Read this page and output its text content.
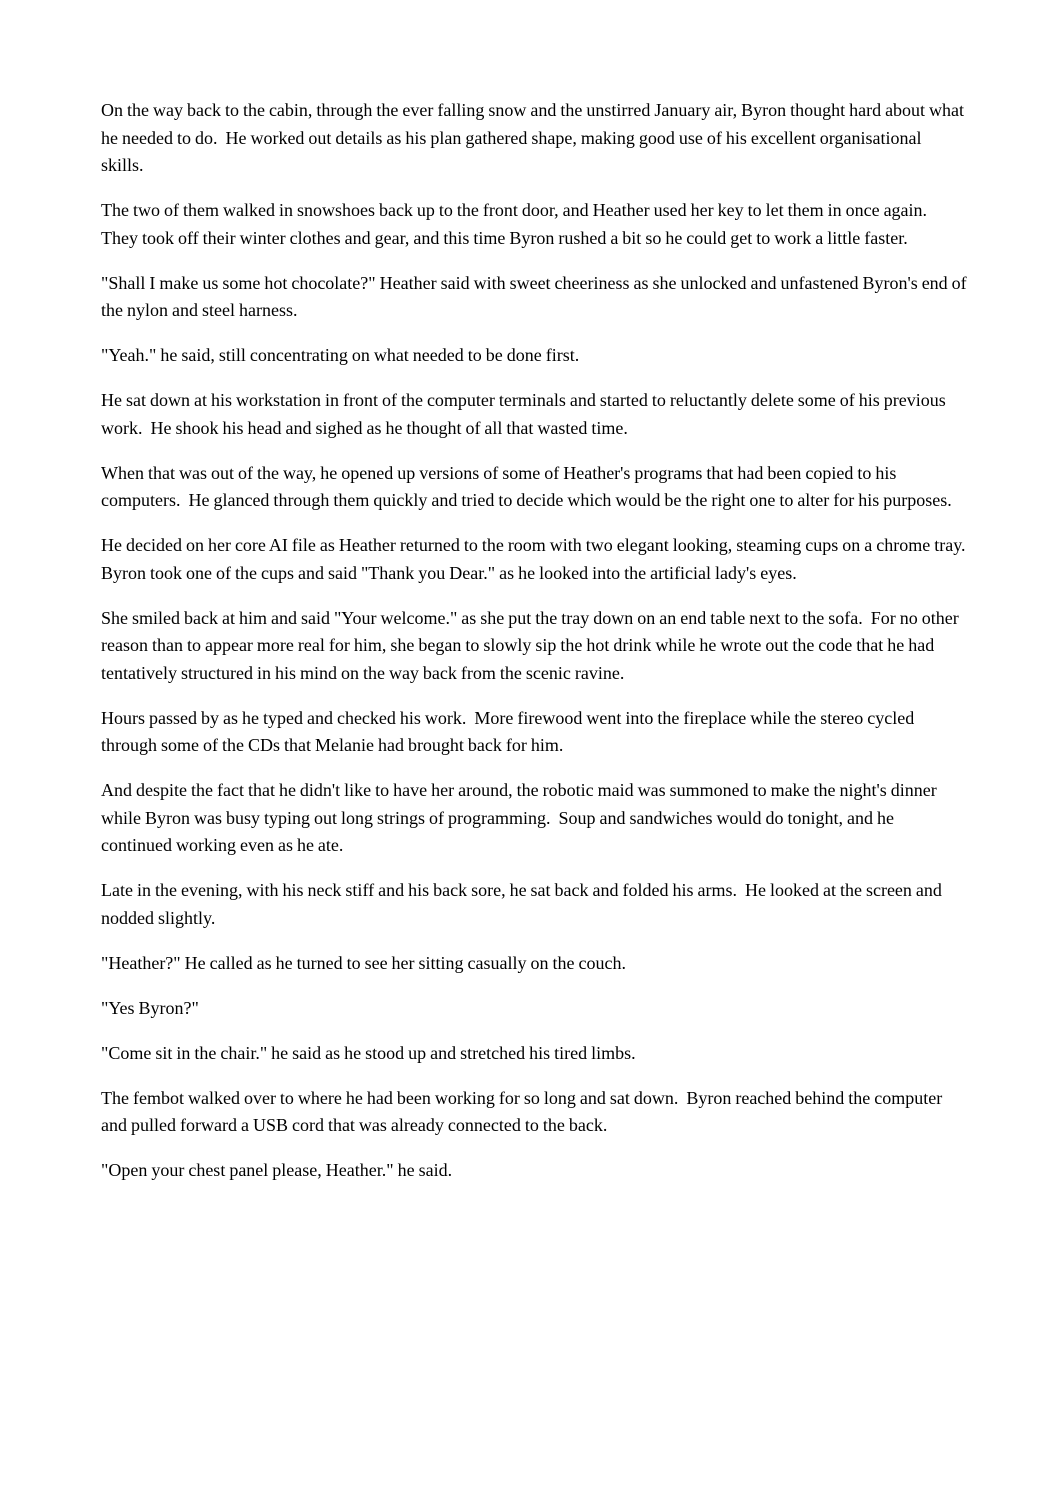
On the way back to the cabin, through the ever falling snow and the unstirred January air, Byron thought hard about what he needed to do.  He worked out details as his plan gathered shape, making good use of his excellent organisational skills.

The two of them walked in snowshoes back up to the front door, and Heather used her key to let them in once again.  They took off their winter clothes and gear, and this time Byron rushed a bit so he could get to work a little faster.

"Shall I make us some hot chocolate?" Heather said with sweet cheeriness as she unlocked and unfastened Byron's end of the nylon and steel harness.

"Yeah." he said, still concentrating on what needed to be done first.

He sat down at his workstation in front of the computer terminals and started to reluctantly delete some of his previous work.  He shook his head and sighed as he thought of all that wasted time.

When that was out of the way, he opened up versions of some of Heather's programs that had been copied to his computers.  He glanced through them quickly and tried to decide which would be the right one to alter for his purposes.

He decided on her core AI file as Heather returned to the room with two elegant looking, steaming cups on a chrome tray.  Byron took one of the cups and said "Thank you Dear." as he looked into the artificial lady's eyes.

She smiled back at him and said "Your welcome." as she put the tray down on an end table next to the sofa.  For no other reason than to appear more real for him, she began to slowly sip the hot drink while he wrote out the code that he had tentatively structured in his mind on the way back from the scenic ravine.

Hours passed by as he typed and checked his work.  More firewood went into the fireplace while the stereo cycled through some of the CDs that Melanie had brought back for him.

And despite the fact that he didn't like to have her around, the robotic maid was summoned to make the night's dinner while Byron was busy typing out long strings of programming.  Soup and sandwiches would do tonight, and he continued working even as he ate.

Late in the evening, with his neck stiff and his back sore, he sat back and folded his arms.  He looked at the screen and nodded slightly.

"Heather?" He called as he turned to see her sitting casually on the couch.

"Yes Byron?"

"Come sit in the chair." he said as he stood up and stretched his tired limbs.

The fembot walked over to where he had been working for so long and sat down.  Byron reached behind the computer and pulled forward a USB cord that was already connected to the back.

"Open your chest panel please, Heather." he said.
